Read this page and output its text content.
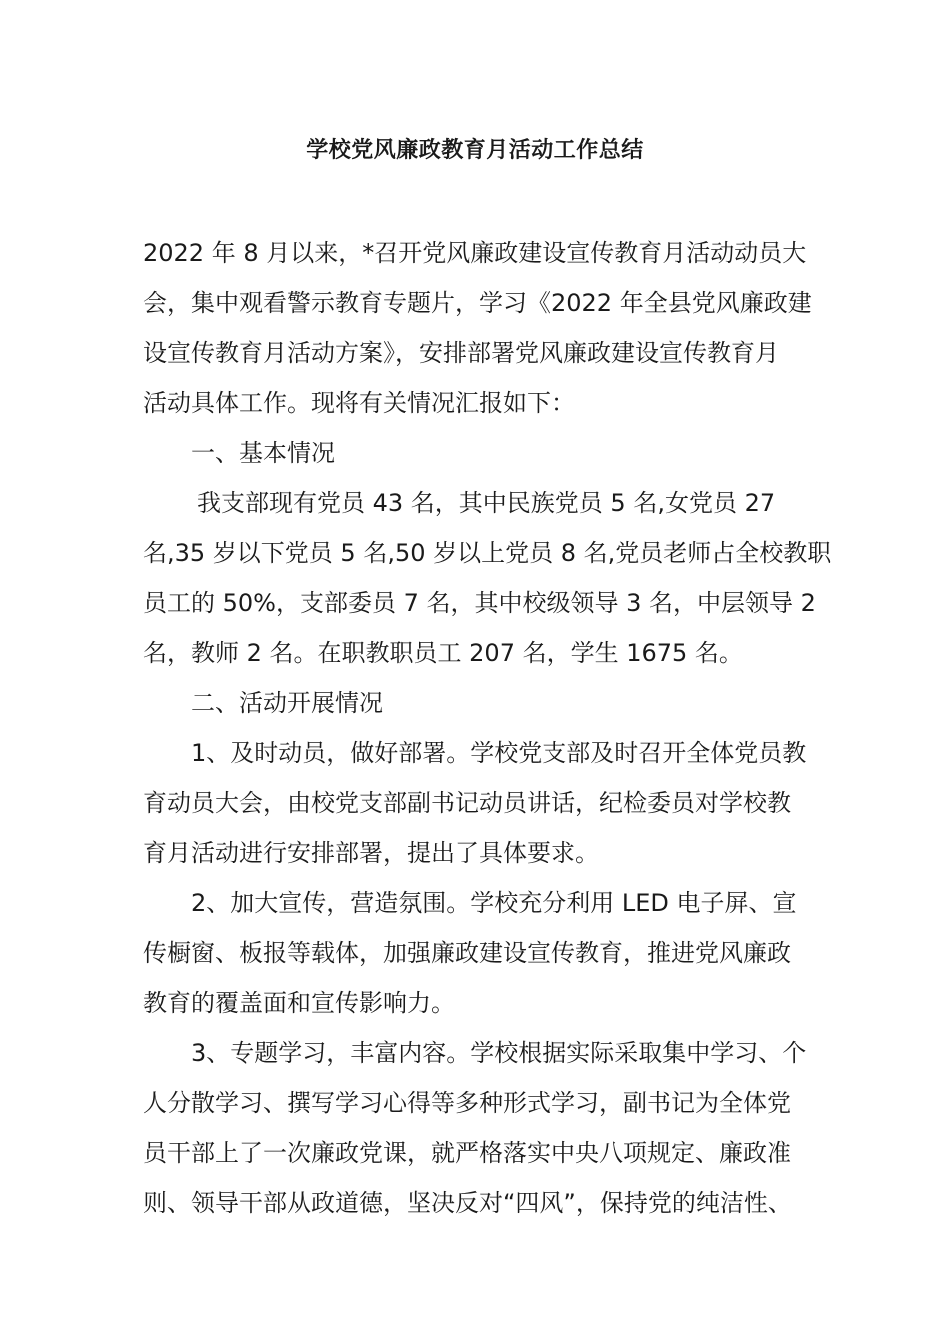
学校党风廉政教育月活动工作总结
2022 年 8 月以来，*召开党风廉政建设宣传教育月活动动员大
会，集中观看警示教育专题片，学习《2022 年全县党风廉政建
设宣传教育月活动方案》，安排部署党风廉政建设宣传教育月
活动具体工作。现将有关情况汇报如下：
一、基本情况
我支部现有党员 43 名，其中民族党员 5 名,女党员 27
名,35 岁以下党员 5 名,50 岁以上党员 8 名,党员老师占全校教职
员工的 50%，支部委员 7 名，其中校级领导 3 名，中层领导 2
名，教师 2 名。在职教职员工 207 名，学生 1675 名。
二、活动开展情况
1、及时动员，做好部署。学校党支部及时召开全体党员教
育动员大会，由校党支部副书记动员讲话，纪检委员对学校教
育月活动进行安排部署，提出了具体要求。
2、加大宣传，营造氛围。学校充分利用 LED 电子屏、宣
传橱窗、板报等载体，加强廉政建设宣传教育，推进党风廉政
教育的覆盖面和宣传影响力。
3、专题学习，丰富内容。学校根据实际采取集中学习、个
人分散学习、撰写学习心得等多种形式学习，副书记为全体党
员干部上了一次廉政党课，就严格落实中央八项规定、廉政准
则、领导干部从政道德，坚决反对“四风”，保持党的纯洁性、
